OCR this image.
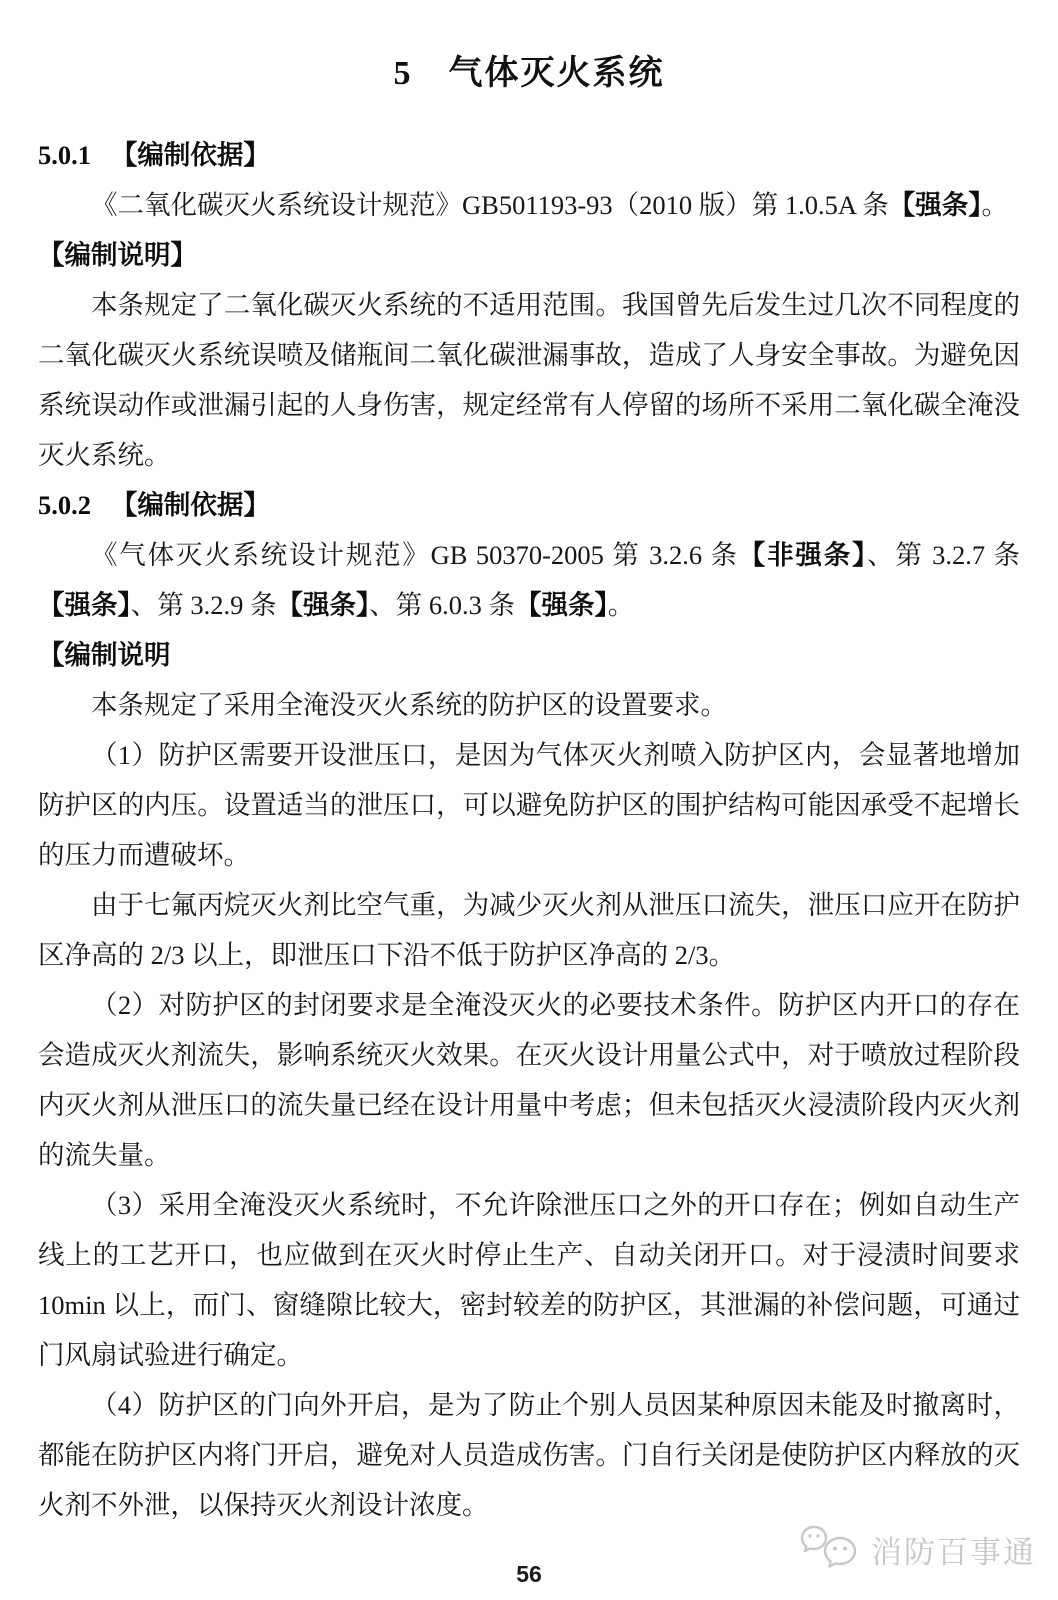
5　气体灭火系统
5.0.1 　 【编制依据】
《二氧化碳灭火系统设计规范》GB501193-93（2010 版）第 1.0.5A 条【强条】。
【编制说明】
本条规定了二氧化碳灭火系统的不适用范围。我国曾先后发生过几次不同程度的二氧化碳灭火系统误喷及储瓶间二氧化碳泄漏事故，造成了人身安全事故。为避免因系统误动作或泄漏引起的人身伤害，规定经常有人停留的场所不采用二氧化碳全淹没灭火系统。
5.0.2 　 【编制依据】
《气体灭火系统设计规范》GB 50370-2005 第 3.2.6 条【非强条】、第 3.2.7 条【强条】、第 3.2.9 条【强条】、第 6.0.3 条【强条】。
【编制说明
本条规定了采用全淹没灭火系统的防护区的设置要求。
（1）防护区需要开设泄压口，是因为气体灭火剂喷入防护区内，会显著地增加防护区的内压。设置适当的泄压口，可以避免防护区的围护结构可能因承受不起增长的压力而遭破坏。
由于七氟丙烷灭火剂比空气重，为减少灭火剂从泄压口流失，泄压口应开在防护区净高的 2/3 以上，即泄压口下沿不低于防护区净高的 2/3。
（2）对防护区的封闭要求是全淹没灭火的必要技术条件。防护区内开口的存在会造成灭火剂流失，影响系统灭火效果。在灭火设计用量公式中，对于喷放过程阶段内灭火剂从泄压口的流失量已经在设计用量中考虑；但未包括灭火浸渍阶段内灭火剂的流失量。
（3）采用全淹没灭火系统时，不允许除泄压口之外的开口存在；例如自动生产线上的工艺开口，也应做到在灭火时停止生产、自动关闭开口。对于浸渍时间要求 10min 以上，而门、窗缝隙比较大，密封较差的防护区，其泄漏的补偿问题，可通过门风扇试验进行确定。
（4）防护区的门向外开启，是为了防止个别人员因某种原因未能及时撤离时，都能在防护区内将门开启，避免对人员造成伤害。门自行关闭是使防护区内释放的灭火剂不外泄，以保持灭火剂设计浓度。
消防百事通
56
